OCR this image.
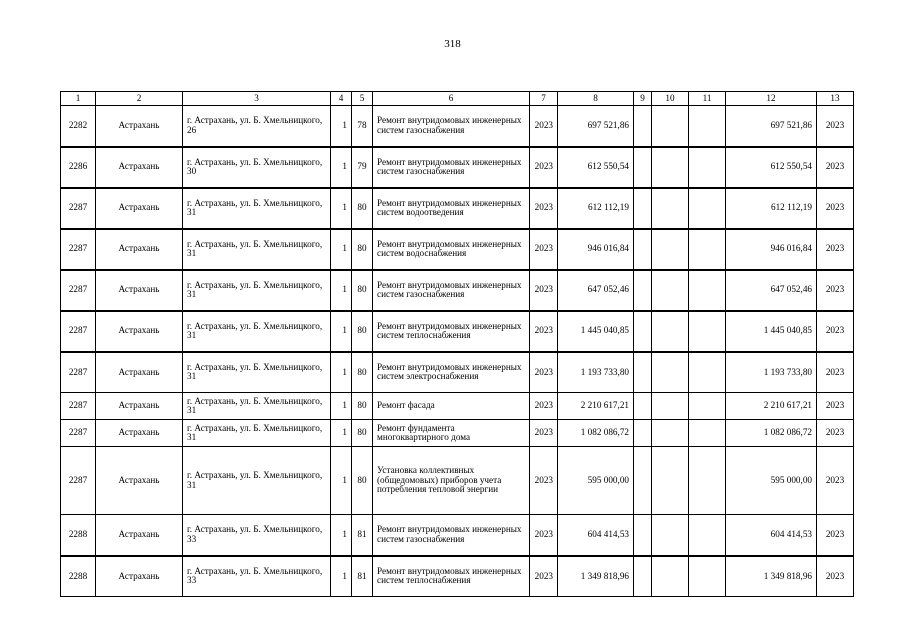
318
1	2	3	4	5	6	7	8	9	10	11	12	13
2282	Астрахань	г. Астрахань, ул. Б. Хмельницкого, 26	1	78	Ремонт внутридомовых инженерных систем газоснабжения	2023	697 521,86				697 521,86	2023
2286	Астрахань	г. Астрахань, ул. Б. Хмельницкого, 30	1	79	Ремонт внутридомовых инженерных систем газоснабжения	2023	612 550,54				612 550,54	2023
2287	Астрахань	г. Астрахань, ул. Б. Хмельницкого, 31	1	80	Ремонт внутридомовых инженерных систем водоотведения	2023	612 112,19				612 112,19	2023
2287	Астрахань	г. Астрахань, ул. Б. Хмельницкого, 31	1	80	Ремонт внутридомовых инженерных систем водоснабжения	2023	946 016,84				946 016,84	2023
2287	Астрахань	г. Астрахань, ул. Б. Хмельницкого, 31	1	80	Ремонт внутридомовых инженерных систем газоснабжения	2023	647 052,46				647 052,46	2023
2287	Астрахань	г. Астрахань, ул. Б. Хмельницкого, 31	1	80	Ремонт внутридомовых инженерных систем теплоснабжения	2023	1 445 040,85				1 445 040,85	2023
2287	Астрахань	г. Астрахань, ул. Б. Хмельницкого, 31	1	80	Ремонт внутридомовых инженерных систем электроснабжения	2023	1 193 733,80				1 193 733,80	2023
2287	Астрахань	г. Астрахань, ул. Б. Хмельницкого, 31	1	80	Ремонт фасада	2023	2 210 617,21				2 210 617,21	2023
2287	Астрахань	г. Астрахань, ул. Б. Хмельницкого, 31	1	80	Ремонт фундамента многоквартирного дома	2023	1 082 086,72				1 082 086,72	2023
2287	Астрахань	г. Астрахань, ул. Б. Хмельницкого, 31	1	80	Установка коллективных (общедомовых) приборов учета потребления тепловой энергии	2023	595 000,00				595 000,00	2023
2288	Астрахань	г. Астрахань, ул. Б. Хмельницкого, 33	1	81	Ремонт внутридомовых инженерных систем газоснабжения	2023	604 414,53				604 414,53	2023
2288	Астрахань	г. Астрахань, ул. Б. Хмельницкого, 33	1	81	Ремонт внутридомовых инженерных систем теплоснабжения	2023	1 349 818,96				1 349 818,96	2023
